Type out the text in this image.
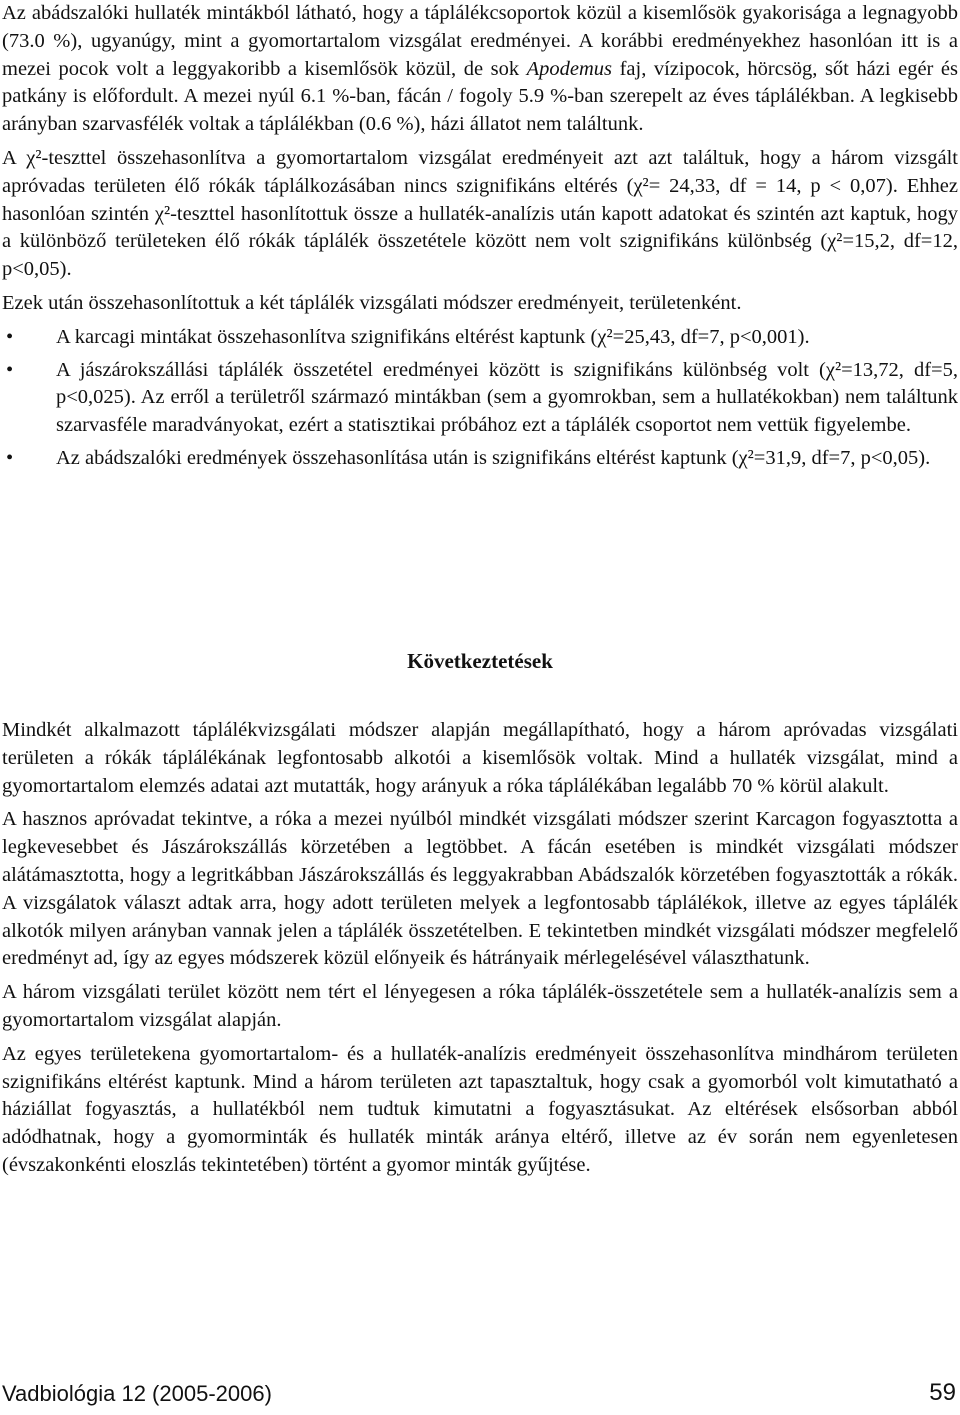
Az abádszalóki hullaték mintákból látható, hogy a táplálékcsoportok közül a kisemlősök gyakorisága a legnagyobb (73.0 %), ugyanúgy, mint a gyomortartalom vizsgálat eredményei. A korábbi eredményekhez hasonlóan itt is a mezei pocok volt a leggyakoribb a kisemlősök közül, de sok Apodemus faj, vízipocok, hörcsög, sőt házi egér és patkány is előfordult. A mezei nyúl 6.1 %-ban, fácán / fogoly 5.9 %-ban szerepelt az éves táplálékban. A legkisebb arányban szarvasfélék voltak a táplálékban (0.6 %), házi állatot nem találtunk.

A χ²-teszttel összehasonlítva a gyomortartalom vizsgálat eredményeit azt azt találtuk, hogy a három vizsgált apróvadas területen élő rókák táplálkozásában nincs szignifikáns eltérés (χ²= 24,33, df = 14, p < 0,07). Ehhez hasonlóan szintén χ²-teszttel hasonlítottuk össze a hullaték-analízis után kapott adatokat és szintén azt kaptuk, hogy a különböző területeken élő rókák táplálék összetétele között nem volt szignifikáns különbség (χ²=15,2, df=12, p<0,05).

Ezek után összehasonlítottuk a két táplálék vizsgálati módszer eredményeit, területenként.

• A karcagi mintákat összehasonlítva szignifikáns eltérést kaptunk (χ²=25,43, df=7, p<0,001).
• A jászárokszállási táplálék összetétel eredményei között is szignifikáns különbség volt (χ²=13,72, df=5, p<0,025). Az erről a területről származó mintákban (sem a gyomrokban, sem a hullatékokban) nem találtunk szarvasféle maradványokat, ezért a statisztikai próbához ezt a táplálék csoportot nem vettük figyelembe.
• Az abádszalóki eredmények összehasonlítása után is szignifikáns eltérést kaptunk (χ²=31,9, df=7, p<0,05).
Következtetések

Mindkét alkalmazott táplálékvizsgálati módszer alapján megállapítható, hogy a három apróvadas vizsgálati területen a rókák táplálékának legfontosabb alkotói a kisemlősök voltak. Mind a hullaték vizsgálat, mind a gyomortartalom elemzés adatai azt mutatták, hogy arányuk a róka táplálékában legalább 70 % körül alakult.

A hasznos apróvadat tekintve, a róka a mezei nyúlból mindkét vizsgálati módszer szerint Karcagon fogyasztotta a legkevesebbet és Jászárokszállás körzetében a legtöbbet. A fácán esetében is mindkét vizsgálati módszer alátámasztotta, hogy a legritkábban Jászárokszállás és leggyakrabban Abádszalók körzetében fogyasztották a rókák. A vizsgálatok választ adtak arra, hogy adott területen melyek a legfontosabb táplálékok, illetve az egyes táplálék alkotók milyen arányban vannak jelen a táplálék összetételben. E tekintetben mindkét vizsgálati módszer megfelelő eredményt ad, így az egyes módszerek közül előnyeik és hátrányaik mérlegelésével választhatunk.

A három vizsgálati terület között nem tért el lényegesen a róka táplálék-összetétele sem a hullaték-analízis sem a gyomortartalom vizsgálat alapján.

Az egyes területekena gyomortartalom- és a hullaték-analízis eredményeit összehasonlítva mindhárom területen szignifikáns eltérést kaptunk. Mind a három területen azt tapasztaltuk, hogy csak a gyomorból volt kimutatható a háziállat fogyasztás, a hullatékból nem tudtuk kimutatni a fogyasztásukat. Az eltérések elsősorban abból adódhatnak, hogy a gyomorminták és hullaték minták aránya eltérő, illetve az év során nem egyenletesen (évszakonkénti eloszlás tekintetében) történt a gyomor minták gyűjtése.

Vadbiológia 12 (2005-2006)	59
